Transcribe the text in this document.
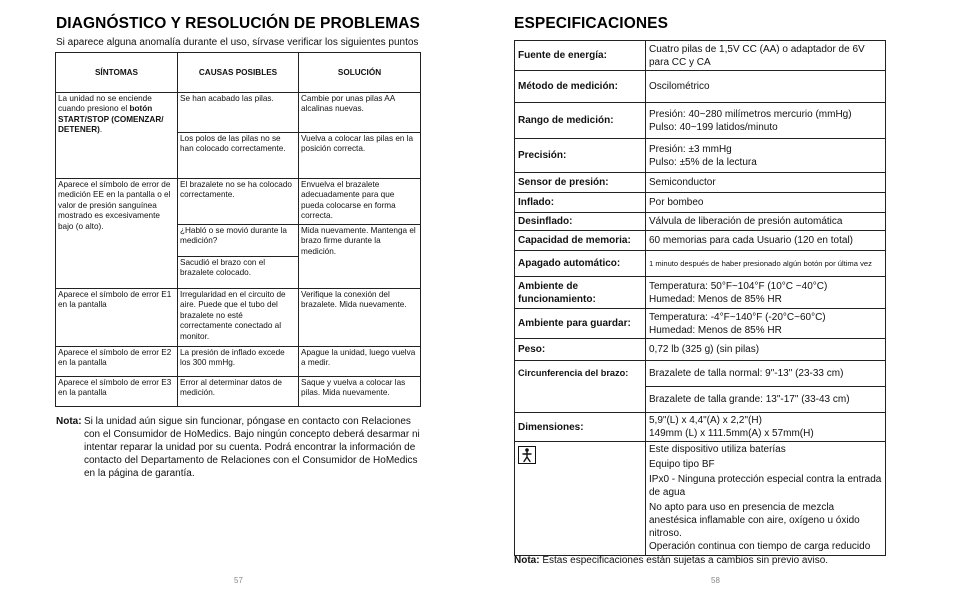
DIAGNÓSTICO Y RESOLUCIÓN DE PROBLEMAS
Si aparece alguna anomalía durante el uso, sírvase verificar los siguientes puntos
SÍNTOMAS	CAUSAS POSIBLES	SOLUCIÓN
La unidad no se enciende cuando presiono el botón START/STOP (COMENZAR/ DETENER).	Se han acabado las pilas.	Cambie por unas pilas AA alcalinas nuevas.
	Los polos de las pilas no se han colocado correctamente.	Vuelva a colocar las pilas en la posición correcta.
Aparece el símbolo de error de medición EE en la pantalla o el valor de presión sanguínea mostrado es excesivamente bajo (o alto).	El brazalete no se ha colocado correctamente.	Envuelva el brazalete adecuadamente para que pueda colocarse en forma correcta.
	¿Habló o se movió durante la medición?	Mida nuevamente. Mantenga el brazo firme durante la medición.
	Sacudió el brazo con el brazalete colocado.	
Aparece el símbolo de error E1 en la pantalla	Irregularidad en el circuito de aire. Puede que el tubo del brazalete no esté correctamente conectado al monitor.	Verifique la conexión del brazalete. Mida nuevamente.
Aparece el símbolo de error E2 en la pantalla	La presión de inflado excede los 300 mmHg.	Apague la unidad, luego vuelva a medir.
Aparece el símbolo de error E3 en la pantalla	Error al determinar datos de medición.	Saque y vuelva a colocar las pilas. Mida nuevamente.
Nota: Si la unidad aún sigue sin funcionar, póngase en contacto con Relaciones con el Consumidor de HoMedics. Bajo ningún concepto deberá desarmar ni intentar reparar la unidad por su cuenta. Podrá encontrar la información de contacto del Departamento de Relaciones con el Consumidor de HoMedics en la página de garantía.
57
ESPECIFICACIONES
Fuente de energía:	Cuatro pilas de 1,5V CC (AA) o adaptador de 6V para CC y CA
Método de medición:	Oscilométrico
Rango de medición:	Presión: 40~280 milímetros mercurio (mmHg)
Pulso: 40~199 latidos/minuto

Precisión:	Presión: ±3 mmHg
Pulso: ±5% de la lectura

Sensor de presión:	Semiconductor
Inflado:	Por bombeo
Desinflado:	Válvula de liberación de presión automática
Capacidad de memoria:	60 memorias para cada Usuario (120 en total)
Apagado automático:	1 minuto después de haber presionado algún botón por última vez
Ambiente de funcionamiento:	Temperatura: 50°F~104°F (10°C ~40°C)
Humedad: Menos de 85% HR

Ambiente para guardar:	Temperatura: -4°F~140°F (-20°C~60°C)
Humedad: Menos de 85% HR

Peso:	0,72 lb (325 g) (sin pilas)
Circunferencia del brazo:	Brazalete de talla normal: 9"-13" (23-33 cm)
	Brazalete de talla grande: 13"-17" (33-43 cm)
Dimensiones:	5,9"(L) x 4,4"(A) x 2,2"(H)
149mm (L) x 111.5mm(A) x 57mm(H)

Este dispositivo utiliza baterías
Equipo tipo BF
IPx0 - Ninguna protección especial contra la entrada de agua
No apto para uso en presencia de mezcla anestésica inflamable con aire, oxígeno u óxido nitroso.
Operación continua con tiempo de carga reducido
Nota: Estas especificaciones están sujetas a cambios sin previo aviso.
58
